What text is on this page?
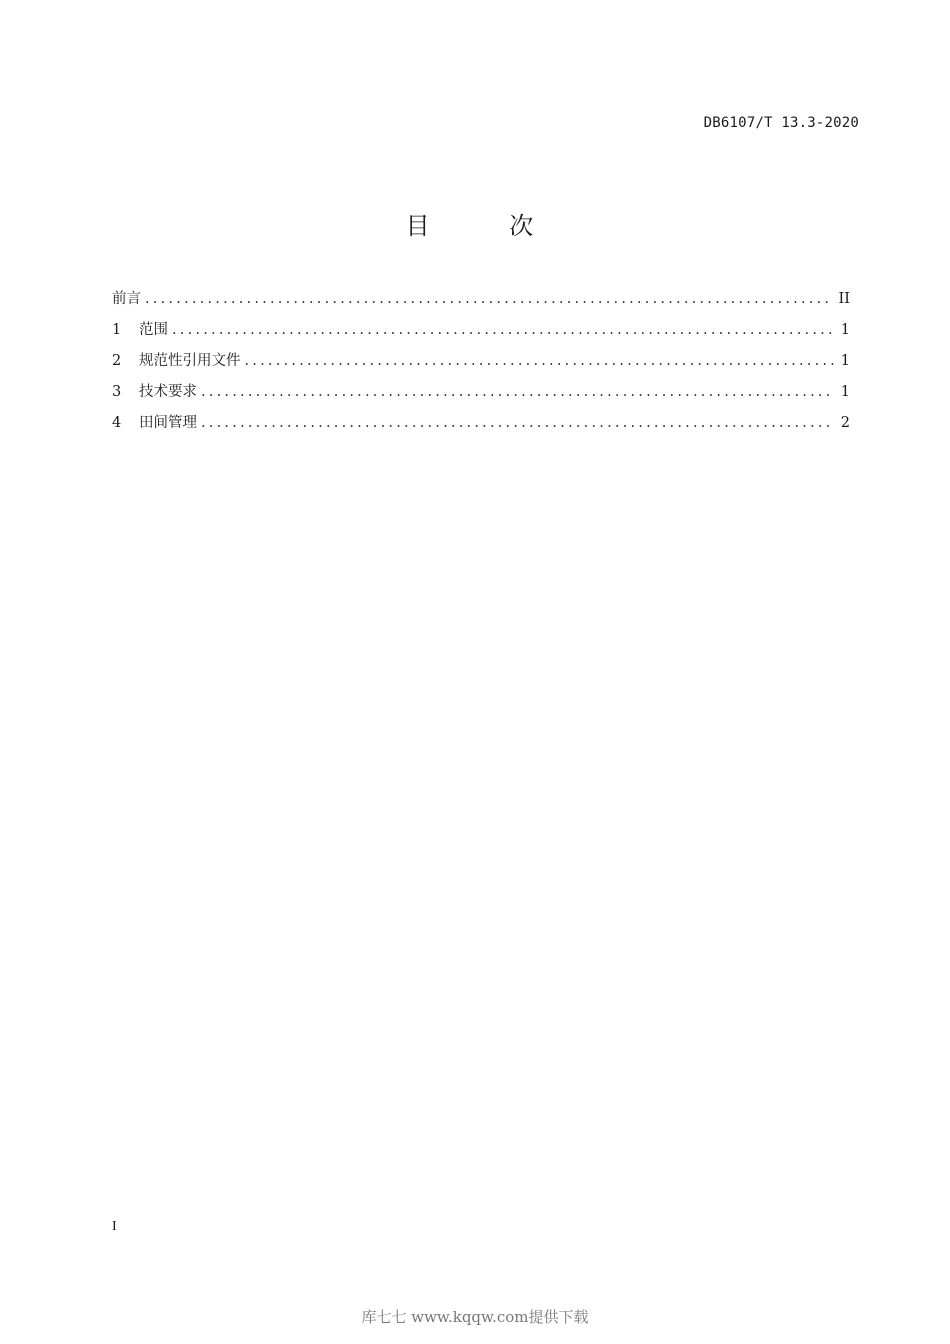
DB6107/T 13.3-2020
目 次
前言 .....	II
1	范围 .....	1
2	规范性引用文件 .....	1
3	技术要求 .....	1
4	田间管理 .....	2
I
库七七 www.kqqw.com提供下载
